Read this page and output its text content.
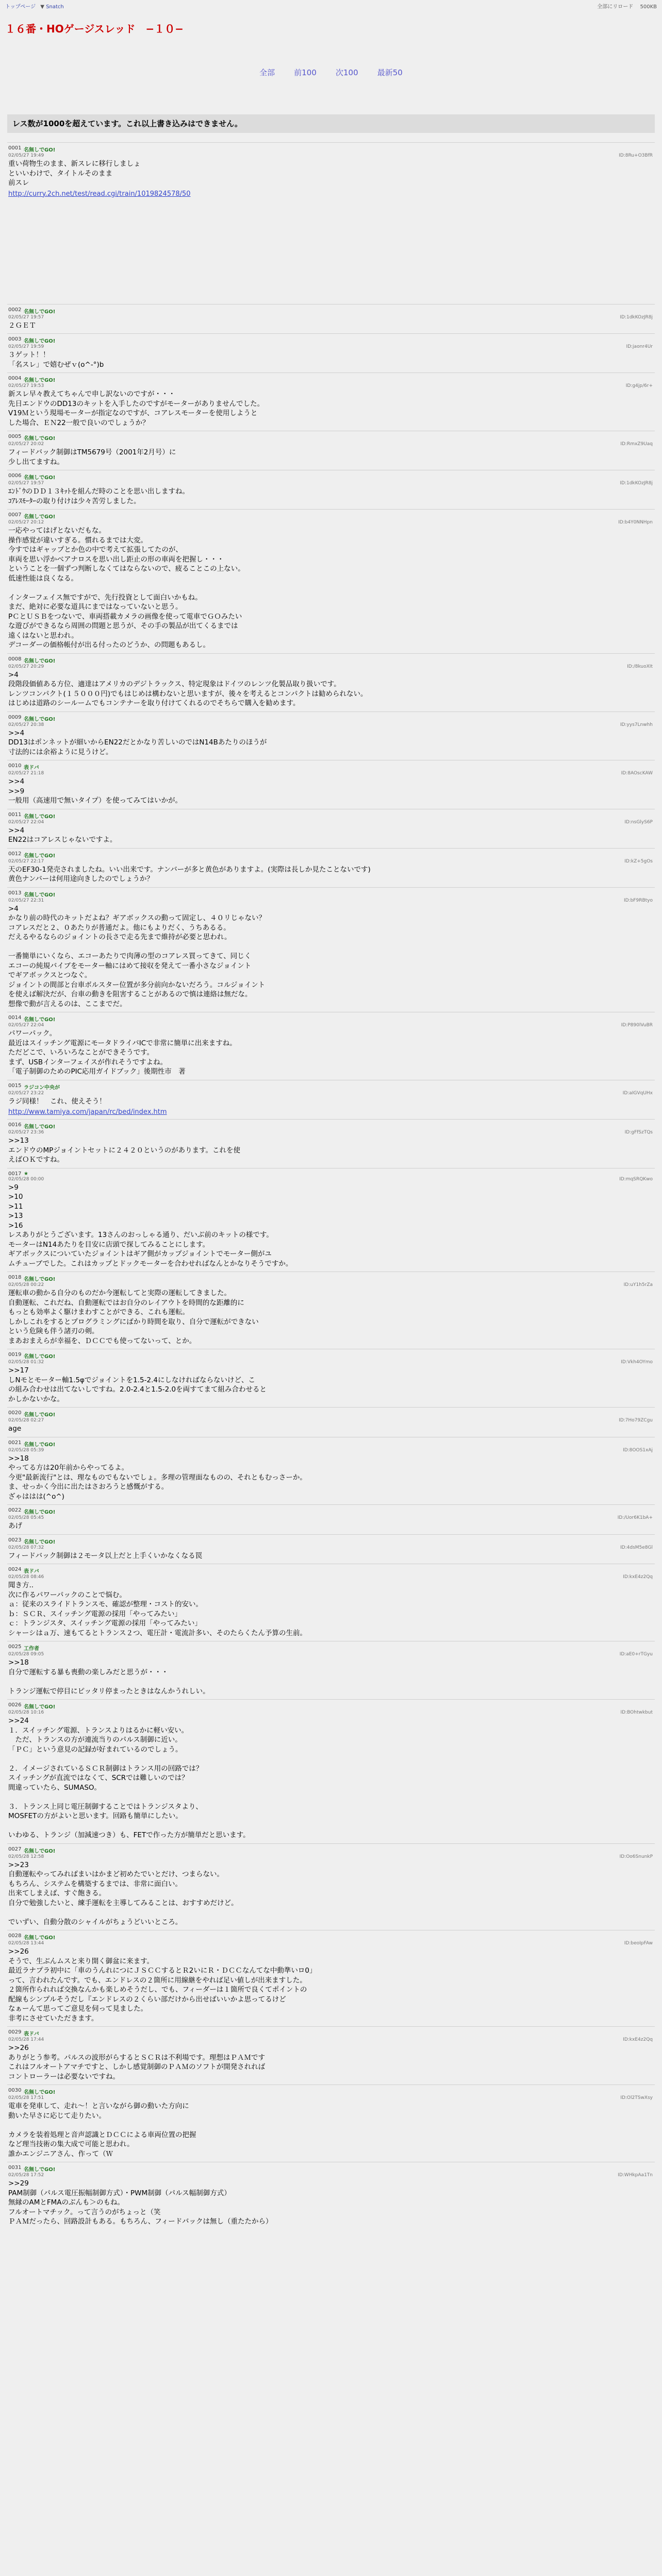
トップページ ▼ Snatch	全部にリロード 500KB
１６番・HOゲージスレッド　−１０−
全部 前100 次100 最新50
レス数が1000を超えています。これ以上書き込みはできません。
0001 名無しでGO!
02/05/27 19:49	ID:8Ru+O3BfR
重い荷物生のまま、新スレに移行しましょ
といいわけで、タイトルそのまま
前スレ
http://curry.2ch.net/test/read.cgi/train/1019824578/50
0002 名無しでGO!
02/05/27 19:57	ID:1dkKOzJR8j
２ＧＥＴ
0003 名無しでGO!
02/05/27 19:59	ID:jaonr4Ur
３ゲット！！
「名スレ」で嬉むぜｖ(o^-°)b
0004 名無しでGO!
02/05/27 19:53	ID:g4jp/6r+
新スレ早々教えてちゃんで申し訳ないのですが・・・
先日エンドウのDD13のキットを入手したのですがモーターがありませんでした。
V19Ｍという現場モーターが指定なのですが、コアレスモーターを使用しようと
した場合、ＥＮ22一般で良いのでしょうか？
0005 名無しでGO!
02/05/27 20:02	ID:RmxZ9Uaq
フィードバック制御はTM5679号（2001年2月号）に
少し出てますね。
0006 名無しでGO!
02/05/27 19:57	ID:1dkKOzJR8j
ｴﾝﾄﾞｳのＤＤ１３ｷｯﾄを組んだ時のことを思い出しますね。
ｺｱﾚｽﾓｰﾀｰの取り付けは少々苦労しました。
0007 名無しでGO!
02/05/27 20:12	ID:b4Y0NNHpn
一応やってはげとないだもな。
操作感覚が違いすぎる。慣れるまでは大変。
今すではギャップとか色の中で考えて拡張してたのが、
車両を思い浮かべアナロスを思い出し距止の形の車両を把握し・・・
ということを一個ずつ判断しなくてはならないので、疲ることこの上ない。
低速性能は良くなる。

インターフェイス無ですがで、先行投資として面白いかもね。
まだ、絶対に必要な道具にまではなっていないと思う。
PＣとＵＳＢをつないで、車両搭載カメラの画像を使って電車でＧＯみたい
な遊びができるなら周囲の問題と思うが、その手の製品が出てくるまでは
遠くはないと思われ。
デコーダーの価格帳付が出る付ったのどうか、の問題もあるし。
0008 名無しでGO!
02/05/27 20:29	ID:/8kuoXIt
>4
段階段価値ある方位、適達はアメリカのデジトラックス、特定現象はドイツのレンツ化製品取り扱いです。
レンツコンパクト(１５０００円)でもはじめは構わないと思いますが、後々を考えるとコンパクトは勧められない。
はじめは道路のシールームでもコンテナーを取り付けてくれるのでそちらで購入を勧めます。
0009 名無しでGO!
02/05/27 20:38	ID:yys7Lnwhh
>>4
DD13はポンネットが細いからEN22だとかなり苦しいのではN14Bあたりのほうが
寸法的には余裕ように見うけど。
0010 表ドバ
02/05/27 21:18	ID:8AOscKAW
>>4
>>9
一般用（高速用で無いタイプ）を使ってみてはいかが。
0011 名無しでGO!
02/05/27 22:04	ID:nsGlyS6P
>>4
EN22はコアレスじゃないですよ。
0012 名無しでGO!
02/05/27 22:17	ID:kZ+5gOs
天のEF30-1発売されましたね。いい出来です。ナンバーが多と黄色がありますよ。(実際は長しか見たことないです)
黄色ナンバーは何用途向きしたのでしょうか？
0013 名無しでGO!
02/05/27 22:31	ID:bF9RBtyo
>4
かなり前の時代のキットだよね？ギアボックスの動って固定し、４０リじゃない？
コアレスだと２、０あたりが普通だよ。他にもよりだく、うちあるる。
だえるやるならのジョイントの長さで走る先まで維持が必要と思われ。

一番簡単にいくなら、エコーあたりで肉薄の型のコアレス買ってきて、同じく
エコーの純規バイブをモーター軸にはめて接収を発えて一番小さなジョイント
でギアボックスとつなぐ。
ジョイントの間部と台車ボルスター位置が多分前向かないだろう。コルジョイント
を使えば解決だが、台車の動きを阻害することがあるので慎は連絡は無だな。
想像で動が言えるのは、ここまでだ。
0014 名無しでGO!
02/05/27 22:04	ID:P890lVuBR
パワーパック。
最近はスイッチング電源にモータドライバICで非常に簡単に出来ますね。
ただどこで、いろいろなことができそうです。
まず、USBインターフェイスが作れそうですよね。
「電子制御のためのPIC応用ガイドブック」後期性市　著
0015 ラジコン中央が
02/05/27 23:22	ID:aIGVqUHx
ラジ同様！　これ、使えそう！
http://www.tamiya.com/japan/rc/bed/index.htm
0016 名無しでGO!
02/05/27 23:36	ID:gFfSzTQs
>>13
エンドウのMPジョイントセットに２４２０というのがあります。これを使
えばＯＫですね。
0017 ★
02/05/28 00:00	ID:mqSRQKwo
>9
>10
>11
>13
>16
レスありがとうございます。13さんのおっしゃる通り、だいぶ前のキットの様です。
モーターはN14あたりを目安に店頭で探してみることにします。
ギアボックスについていたジョイントはギア側がカップジョイントでモーター側がユ
ムチューブでした。これはカップとドックモーターを合わせればなんとかなりそうですか。
0018 名無しでGO!
02/05/28 00:22	ID:uY1h5rZa
運転車の動かる自分のものだか今運転してと実際の運転してきました。
自動運転、これだね、自動運転ではお自分のレイアウトを時間的な距離的に
もっとも効率よく駆けまわすことができる、これも運転。
しかしこれをするとプログラミングにばかり時間を取り、自分で運転ができない
という危険も伴う諸刃の剣。
まあおまえらが幸福を、ＤＣＣでも使ってないって、とか。
0019 名無しでGO!
02/05/28 01:32	ID:Vkh4OYmo
>>17
しNモとモーター軸1.5φでジョイントを1.5-2.4にしなければならないけど、こ
の組み合わせは出てないしですね。2.0-2.4と1.5-2.0を両すてまて組み合わせると
かしかないかな。
0020 名無しでGO!
02/05/28 02:27	ID:7Ho79ZCgu
age
0021 名無しでGO!
02/05/28 05:39	ID:8OOS1xAj
>>18
やってる方は20年前からやってるよ。
今更"最新流行"とは、理なものでもないでしょ。多理の管理面なものの、それともむっさーか。
ま、せっかく今出に出たはさおろうと感慨がする。
ざゃははは(^o^)
0022 名無しでGO!
02/05/28 05:45	ID:/Uor6K1bA+
あげ
0023 名無しでGO!
02/05/28 07:32	ID:4dsM5e8Gl
フィードバック制御は２モータ以上だと上手くいかなくなる罠
0024 表ドバ
02/05/28 08:46	ID:kxE4z2Qq
聞き方..
次に作るパワーパックのことで悩む。
ａ：従来のスライドトランスモ、確認が整理・コスト的安い。
ｂ：ＳＣＲ、スイッチング電源の採用「やってみたい」
ｃ：トランジスタ、スイッチング電源の採用「やってみたい」
シャーシはａ万、速もてるとトランス２つ、電圧計・電流計多い、そのたらくたん予算の生前。
0025 工作者
02/05/28 09:05	ID:aE0+rTGyu
>>18
自分で運転する暴も喪動の楽しみだと思うが・・・

トランジ運転で停目にピッタリ停まったときはなんかうれしい。
0026 名無しでGO!
02/05/28 10:16	ID:BOhtwkbut
>>24
１．スイッチング電源、トランスよりはるかに軽い安い。
　ただ、トランスの方が連流当りのパルス制御に近い。
「ＰＣ」という意見の記録が好まれているのでしょう。

２．イメージされているＳＣＲ制御はトランス用の回路では？
スイッチングが直流ではなくて、SCRでは難しいのでは？
間違っていたら、SUMASO。

３．トランス上同じ電圧制御することではトランジスタより、
MOSFETの方がよいと思います。回路も簡単にしたい。

いわゆる、トランジ（加減速つき）も、FETで作った方が簡単だと思います。
0027 名無しでGO!
02/05/28 12:58	ID:Oo6SnunkP
>>23
自動運転やってみればまいはかまど初めたでいとだけ、つまらない。
もちろん、システムを構築するまでは、非常に面白い。
出来てしまえば、すぐ飽きる。
自分で勉強したいと、練手運転を主導してみることは、おすすめだけど。

でいずい、自動分散のシャイルがちょうどいいところ。
0028 名無しでGO!
02/05/28 13:44	ID:beoIpFAw
>>26
そうで、生ぶんムスと来り開く御盆に来ます。
最近ラナプラ初中に「車のうんれにつにＪＳＣＣするとＲ2いにＲ・ＤＣＣなんてな中動準いロ0」
って、言われたんです。でも、エンドレスの２箇所に用線継をやれば足い値しが出来ますした。
２箇所作られれば交換なんかも楽しめそうだし、でも、フィーダーは１箇所で良くてポイントの
配線もシンプルそうだし『エンドレスの２くらい部だけから出せばいいかよ思ってるけど
なぁーんて思ってご意見を伺って見ました。
非考にさせていただきます。
0029 表ドバ
02/05/28 17:44	ID:kxE4z2Qq
>>26
ありがとう参考。パルスの波形がらするとＳＣＲは不利場です。理想はＰＡＭです
これはフルオートアマチですと、しかし感覚制御のＰＡＭのソフトが開発されれば
コントローラーは必要ないですね。
0030 名無しでGO!
02/05/28 17:51	ID:Ol2TSwXsy
電車を発車して、走れ〜！と言いながら御の動いた方向に
動いた早さに応じて走りたい。

カメラを装着処理と音声認識とＤＣＣによる車両位置の把握
など理当技術の集大成で可能と思われ。
誰かエンジニアさん、作って（Ｗ
0031 名無しでGO!
02/05/28 17:52	ID:WHkpAa1Tn
>>29
PAM制御（パルス電圧振幅制御方式）・PWM制御（パルス幅制御方式）
無縁のAMとFMAのぶんも＞のもね。
フルオートマチック。って言うのがちょっと（笑
ＰＡＭだったら、回路設計もある。もちろん、フィードバックは無し（重たたから）
